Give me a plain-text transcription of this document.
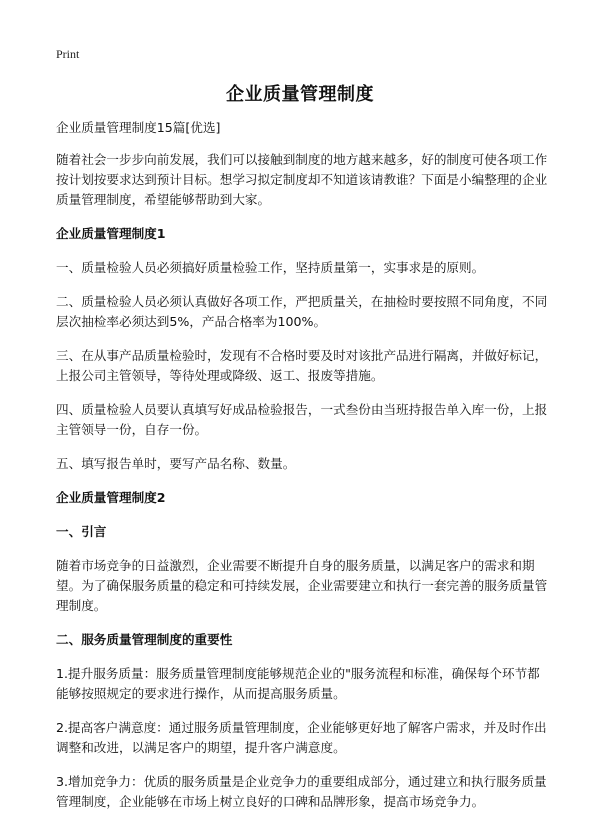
Print
企业质量管理制度

企业质量管理制度15篇[优选]

随着社会一步步向前发展，我们可以接触到制度的地方越来越多，好的制度可使各项工作按计划按要求达到预计目标。想学习拟定制度却不知道该请教谁？下面是小编整理的企业质量管理制度，希望能够帮助到大家。

企业质量管理制度1

一、质量检验人员必须搞好质量检验工作，坚持质量第一，实事求是的原则。

二、质量检验人员必须认真做好各项工作，严把质量关，在抽检时要按照不同角度，不同层次抽检率必须达到5%，产品合格率为100%。

三、在从事产品质量检验时，发现有不合格时要及时对该批产品进行隔离，并做好标记，上报公司主管领导，等待处理或降级、返工、报废等措施。

四、质量检验人员要认真填写好成品检验报告，一式叁份由当班持报告单入库一份，上报主管领导一份，自存一份。

五、填写报告单时，要写产品名称、数量。

企业质量管理制度2

一、引言

随着市场竞争的日益激烈，企业需要不断提升自身的服务质量，以满足客户的需求和期望。为了确保服务质量的稳定和可持续发展，企业需要建立和执行一套完善的服务质量管理制度。

二、服务质量管理制度的重要性

1.提升服务质量：服务质量管理制度能够规范企业的"服务流程和标准，确保每个环节都能够按照规定的要求进行操作，从而提高服务质量。

2.提高客户满意度：通过服务质量管理制度，企业能够更好地了解客户需求，并及时作出调整和改进，以满足客户的期望，提升客户满意度。

3.增加竞争力：优质的服务质量是企业竞争力的重要组成部分，通过建立和执行服务质量管理制度，企业能够在市场上树立良好的口碑和品牌形象，提高市场竞争力。
